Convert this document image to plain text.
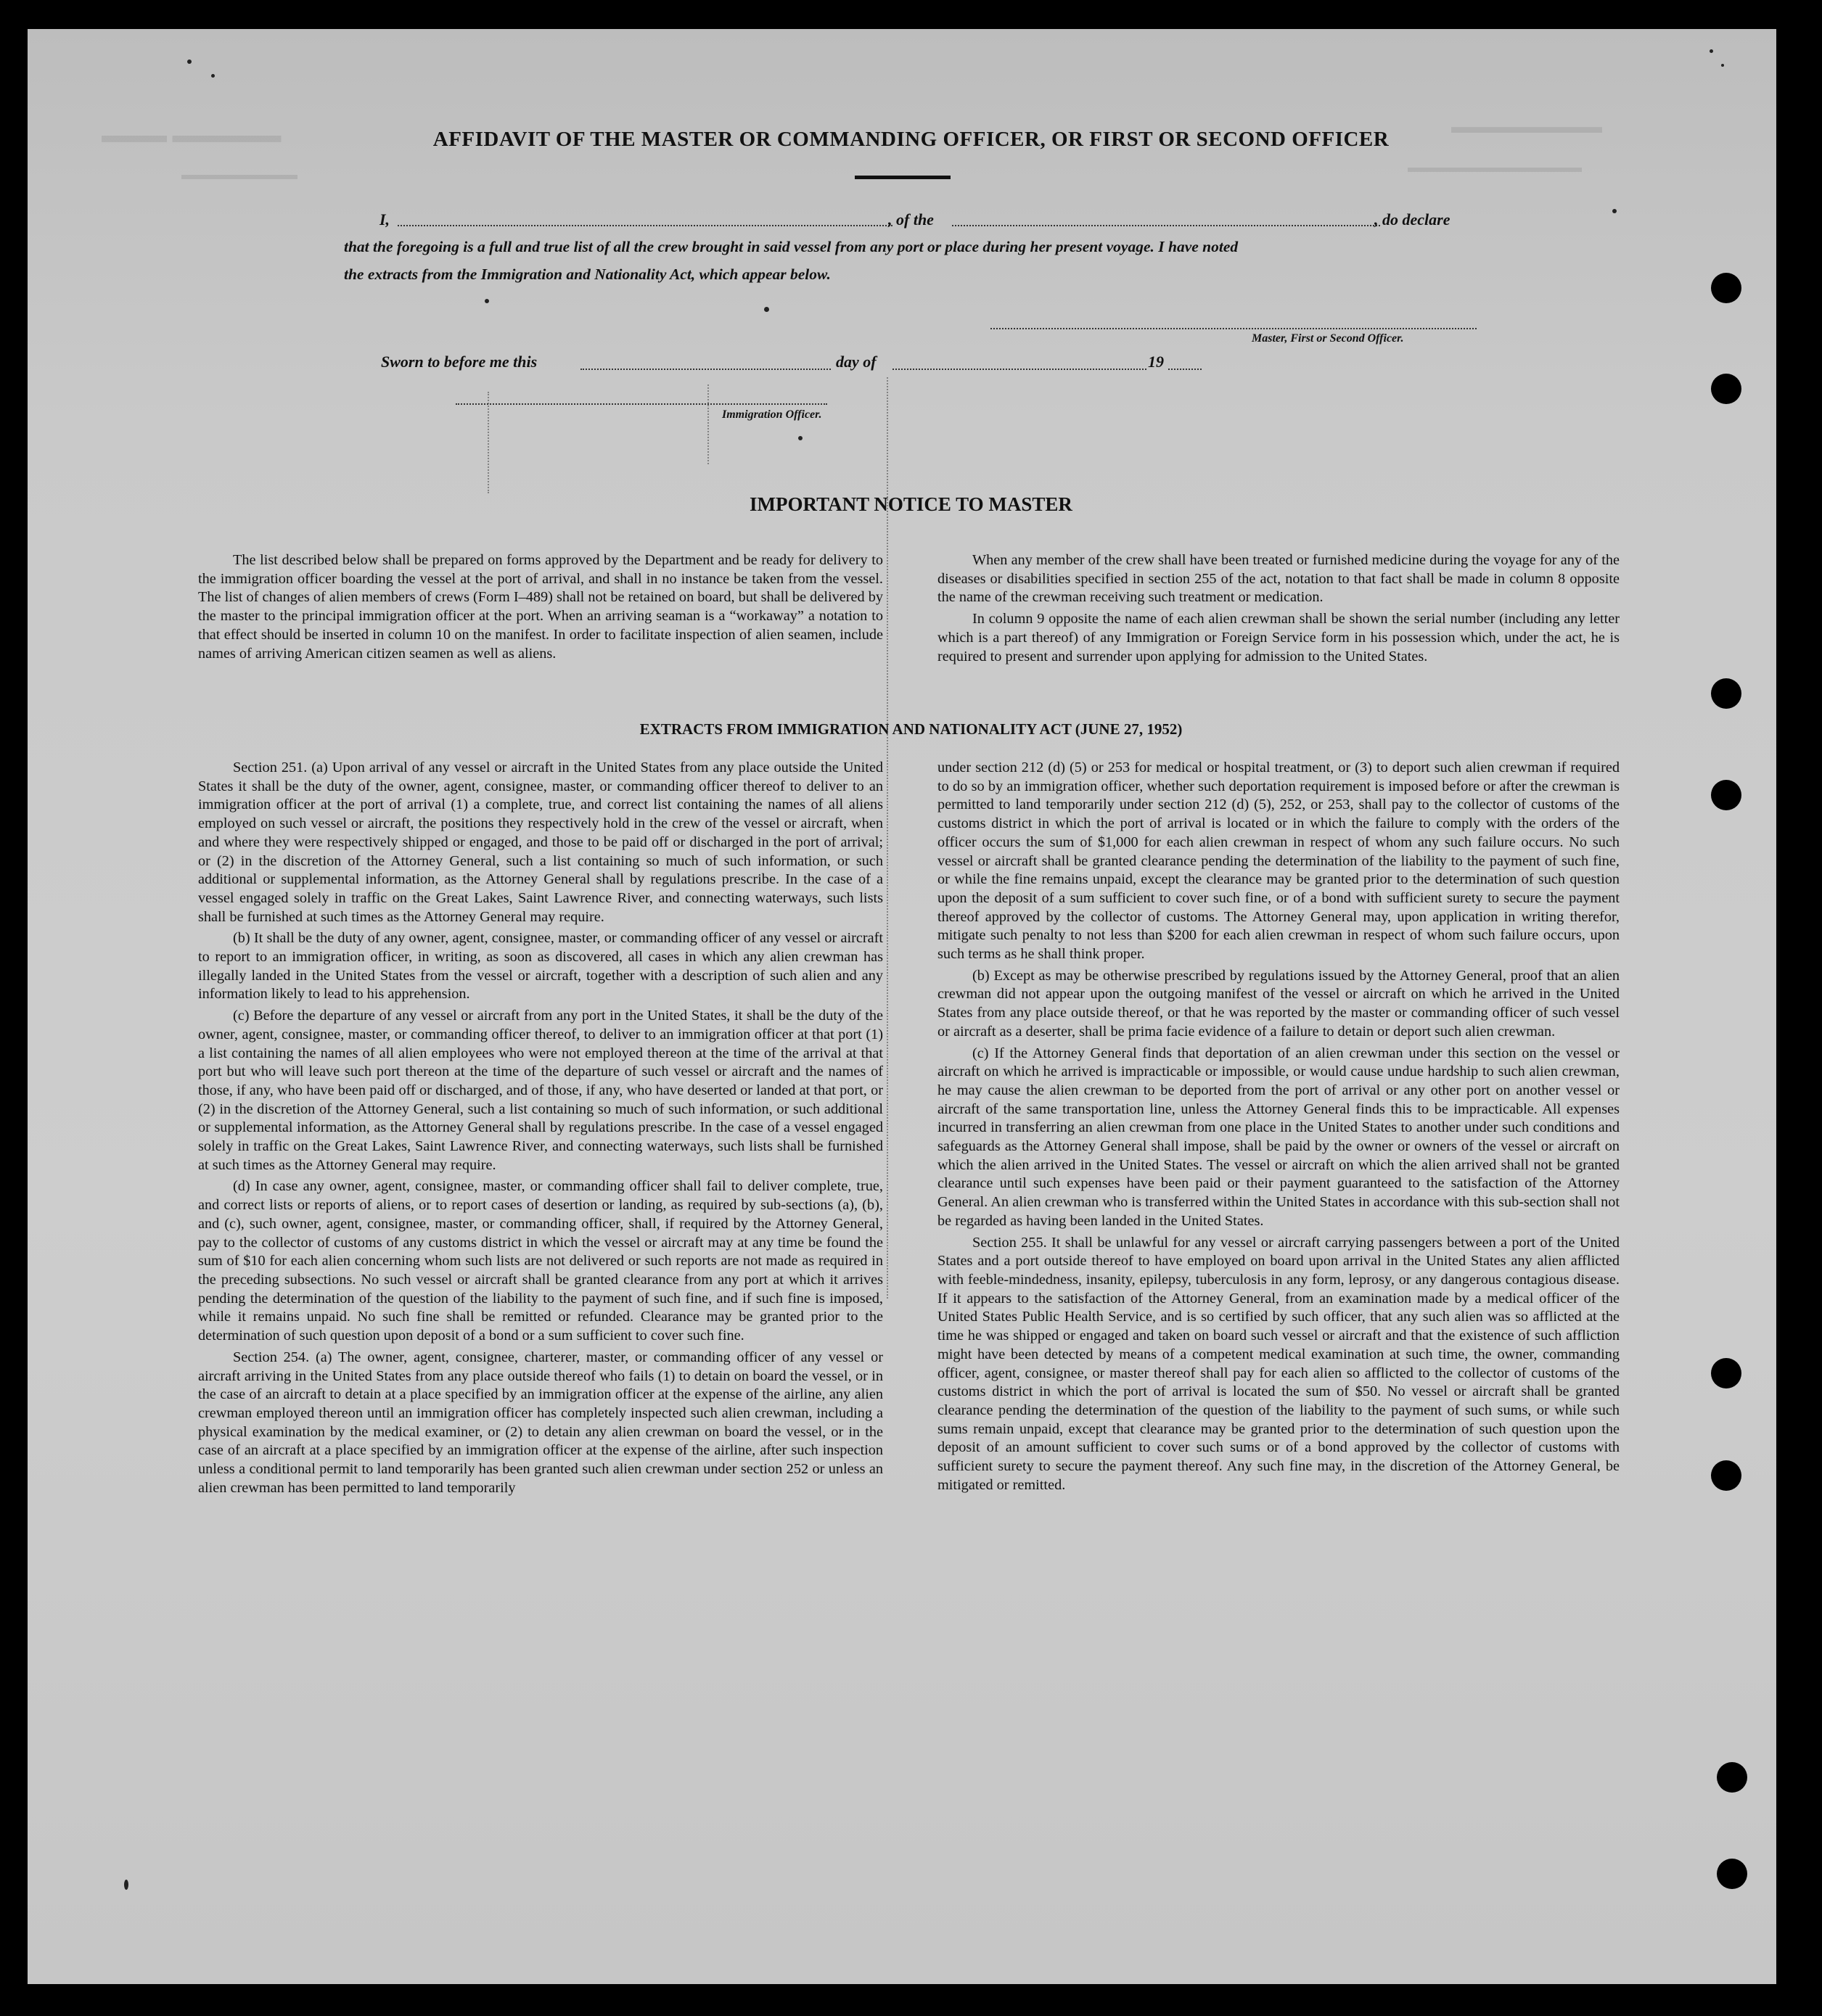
▬▬▬ ▬▬▬▬▬	▬▬▬▬▬▬▬▬
▬▬▬▬▬▬▬▬▬▬▬▬
▬▬▬▬▬▬▬▬
AFFIDAVIT OF THE MASTER OR COMMANDING OFFICER, OR FIRST OR SECOND OFFICER
I,	, of the	, do declare
that the foregoing is a full and true list of all the crew brought in said vessel from any port or place during her present voyage. I have noted
the extracts from the Immigration and Nationality Act, which appear below.
Master, First or Second Officer.
Sworn to before me this	day of	19
Immigration Officer.
IMPORTANT NOTICE TO MASTER

The list described below shall be prepared on forms approved by the Department and be ready for delivery to the immigration officer boarding the vessel at the port of arrival, and shall in no instance be taken from the vessel. The list of changes of alien members of crews (Form I–489) shall not be retained on board, but shall be delivered by the master to the principal immigration officer at the port. When an arriving seaman is a “workaway” a notation to that effect should be inserted in column 10 on the manifest. In order to facilitate inspection of alien seamen, include names of arriving American citizen seamen as well as aliens.

When any member of the crew shall have been treated or furnished medicine during the voyage for any of the diseases or disabilities specified in section 255 of the act, notation to that fact shall be made in column 8 opposite the name of the crewman receiving such treatment or medication.

In column 9 opposite the name of each alien crewman shall be shown the serial number (including any letter which is a part thereof) of any Immigration or Foreign Service form in his possession which, under the act, he is required to present and surrender upon applying for admission to the United States.

EXTRACTS FROM IMMIGRATION AND NATIONALITY ACT (JUNE 27, 1952)

Section 251. (a) Upon arrival of any vessel or aircraft in the United States from any place outside the United States it shall be the duty of the owner, agent, consignee, master, or commanding officer thereof to deliver to an immigration officer at the port of arrival (1) a complete, true, and correct list containing the names of all aliens employed on such vessel or aircraft, the positions they respectively hold in the crew of the vessel or aircraft, when and where they were respectively shipped or engaged, and those to be paid off or discharged in the port of arrival; or (2) in the discretion of the Attorney General, such a list containing so much of such information, or such additional or supplemental information, as the Attorney General shall by regulations prescribe. In the case of a vessel engaged solely in traffic on the Great Lakes, Saint Lawrence River, and connecting waterways, such lists shall be furnished at such times as the Attorney General may require.

(b) It shall be the duty of any owner, agent, consignee, master, or commanding officer of any vessel or aircraft to report to an immigration officer, in writing, as soon as discovered, all cases in which any alien crewman has illegally landed in the United States from the vessel or aircraft, together with a description of such alien and any information likely to lead to his apprehension.

(c) Before the departure of any vessel or aircraft from any port in the United States, it shall be the duty of the owner, agent, consignee, master, or commanding officer thereof, to deliver to an immigration officer at that port (1) a list containing the names of all alien employees who were not employed thereon at the time of the arrival at that port but who will leave such port thereon at the time of the departure of such vessel or aircraft and the names of those, if any, who have been paid off or discharged, and of those, if any, who have deserted or landed at that port, or (2) in the discretion of the Attorney General, such a list containing so much of such information, or such additional or supplemental information, as the Attorney General shall by regulations prescribe. In the case of a vessel engaged solely in traffic on the Great Lakes, Saint Lawrence River, and connecting waterways, such lists shall be furnished at such times as the Attorney General may require.

(d) In case any owner, agent, consignee, master, or commanding officer shall fail to deliver complete, true, and correct lists or reports of aliens, or to report cases of desertion or landing, as required by sub-sections (a), (b), and (c), such owner, agent, consignee, master, or commanding officer, shall, if required by the Attorney General, pay to the collector of customs of any customs district in which the vessel or aircraft may at any time be found the sum of $10 for each alien concerning whom such lists are not delivered or such reports are not made as required in the preceding subsections. No such vessel or aircraft shall be granted clearance from any port at which it arrives pending the determination of the question of the liability to the payment of such fine, and if such fine is imposed, while it remains unpaid. No such fine shall be remitted or refunded. Clearance may be granted prior to the determination of such question upon deposit of a bond or a sum sufficient to cover such fine.

Section 254. (a) The owner, agent, consignee, charterer, master, or commanding officer of any vessel or aircraft arriving in the United States from any place outside thereof who fails (1) to detain on board the vessel, or in the case of an aircraft to detain at a place specified by an immigration officer at the expense of the airline, any alien crewman employed thereon until an immigration officer has completely inspected such alien crewman, including a physical examination by the medical examiner, or (2) to detain any alien crewman on board the vessel, or in the case of an aircraft at a place specified by an immigration officer at the expense of the airline, after such inspection unless a conditional permit to land temporarily has been granted such alien crewman under section 252 or unless an alien crewman has been permitted to land temporarily

under section 212 (d) (5) or 253 for medical or hospital treatment, or (3) to deport such alien crewman if required to do so by an immigration officer, whether such deportation requirement is imposed before or after the crewman is permitted to land temporarily under section 212 (d) (5), 252, or 253, shall pay to the collector of customs of the customs district in which the port of arrival is located or in which the failure to comply with the orders of the officer occurs the sum of $1,000 for each alien crewman in respect of whom any such failure occurs. No such vessel or aircraft shall be granted clearance pending the determination of the liability to the payment of such fine, or while the fine remains unpaid, except the clearance may be granted prior to the determination of such question upon the deposit of a sum sufficient to cover such fine, or of a bond with sufficient surety to secure the payment thereof approved by the collector of customs. The Attorney General may, upon application in writing therefor, mitigate such penalty to not less than $200 for each alien crewman in respect of whom such failure occurs, upon such terms as he shall think proper.

(b) Except as may be otherwise prescribed by regulations issued by the Attorney General, proof that an alien crewman did not appear upon the outgoing manifest of the vessel or aircraft on which he arrived in the United States from any place outside thereof, or that he was reported by the master or commanding officer of such vessel or aircraft as a deserter, shall be prima facie evidence of a failure to detain or deport such alien crewman.

(c) If the Attorney General finds that deportation of an alien crewman under this section on the vessel or aircraft on which he arrived is impracticable or impossible, or would cause undue hardship to such alien crewman, he may cause the alien crewman to be deported from the port of arrival or any other port on another vessel or aircraft of the same transportation line, unless the Attorney General finds this to be impracticable. All expenses incurred in transferring an alien crewman from one place in the United States to another under such conditions and safeguards as the Attorney General shall impose, shall be paid by the owner or owners of the vessel or aircraft on which the alien arrived in the United States. The vessel or aircraft on which the alien arrived shall not be granted clearance until such expenses have been paid or their payment guaranteed to the satisfaction of the Attorney General. An alien crewman who is transferred within the United States in accordance with this sub-section shall not be regarded as having been landed in the United States.

Section 255. It shall be unlawful for any vessel or aircraft carrying passengers between a port of the United States and a port outside thereof to have employed on board upon arrival in the United States any alien afflicted with feeble-mindedness, insanity, epilepsy, tuberculosis in any form, leprosy, or any dangerous contagious disease. If it appears to the satisfaction of the Attorney General, from an examination made by a medical officer of the United States Public Health Service, and is so certified by such officer, that any such alien was so afflicted at the time he was shipped or engaged and taken on board such vessel or aircraft and that the existence of such affliction might have been detected by means of a competent medical examination at such time, the owner, commanding officer, agent, consignee, or master thereof shall pay for each alien so afflicted to the collector of customs of the customs district in which the port of arrival is located the sum of $50. No vessel or aircraft shall be granted clearance pending the determination of the question of the liability to the payment of such sums, or while such sums remain unpaid, except that clearance may be granted prior to the determination of such question upon the deposit of an amount sufficient to cover such sums or of a bond approved by the collector of customs with sufficient surety to secure the payment thereof. Any such fine may, in the discretion of the Attorney General, be mitigated or remitted.
